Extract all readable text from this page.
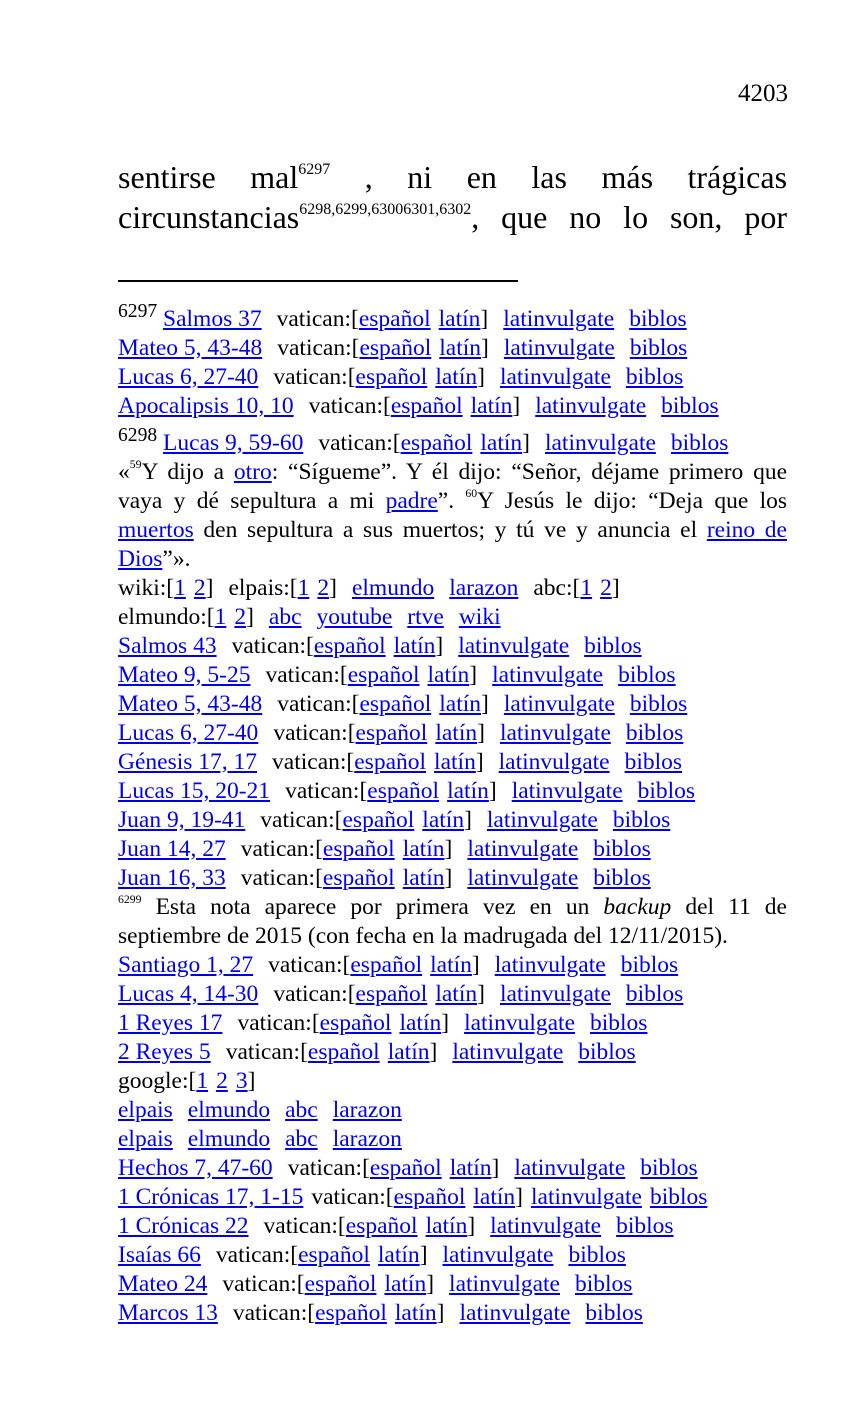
4203
sentirse mal$^{6297}$ , ni en las más trágicas circunstancias$^{6298,6299,63006301,6302}$, que no lo son, por
$^{6297}$ Salmos 37 vatican:[español latín] latinvulgate biblos
Mateo 5, 43-48 vatican:[español latín] latinvulgate biblos
Lucas 6, 27-40 vatican:[español latín] latinvulgate biblos
Apocalipsis 10, 10 vatican:[español latín] latinvulgate biblos
$^{6298}$ Lucas 9, 59-60 vatican:[español latín] latinvulgate biblos
«$^{59}$Y dijo a otro: “Sígueme”. Y él dijo: “Señor, déjame primero que vaya y dé sepultura a mi padre”. $^{60}$Y Jesús le dijo: “Deja que los muertos den sepultura a sus muertos; y tú ve y anuncia el reino de Dios”».
wiki:[1 2] elpais:[1 2] elmundo larazon abc:[1 2]
elmundo:[1 2] abc youtube rtve wiki
Salmos 43 vatican:[español latín] latinvulgate biblos
Mateo 9, 5-25 vatican:[español latín] latinvulgate biblos
Mateo 5, 43-48 vatican:[español latín] latinvulgate biblos
Lucas 6, 27-40 vatican:[español latín] latinvulgate biblos
Génesis 17, 17 vatican:[español latín] latinvulgate biblos
Lucas 15, 20-21 vatican:[español latín] latinvulgate biblos
Juan 9, 19-41 vatican:[español latín] latinvulgate biblos
Juan 14, 27 vatican:[español latín] latinvulgate biblos
Juan 16, 33 vatican:[español latín] latinvulgate biblos
$^{6299}$ Esta nota aparece por primera vez en un backup del 11 de septiembre de 2015 (con fecha en la madrugada del 12/11/2015).
Santiago 1, 27 vatican:[español latín] latinvulgate biblos
Lucas 4, 14-30 vatican:[español latín] latinvulgate biblos
1 Reyes 17 vatican:[español latín] latinvulgate biblos
2 Reyes 5 vatican:[español latín] latinvulgate biblos
google:[1 2 3]
elpais elmundo abc larazon
elpais elmundo abc larazon
Hechos 7, 47-60 vatican:[español latín] latinvulgate biblos
1 Crónicas 17, 1-15 vatican:[español latín] latinvulgate biblos
1 Crónicas 22 vatican:[español latín] latinvulgate biblos
Isaías 66 vatican:[español latín] latinvulgate biblos
Mateo 24 vatican:[español latín] latinvulgate biblos
Marcos 13 vatican:[español latín] latinvulgate biblos
